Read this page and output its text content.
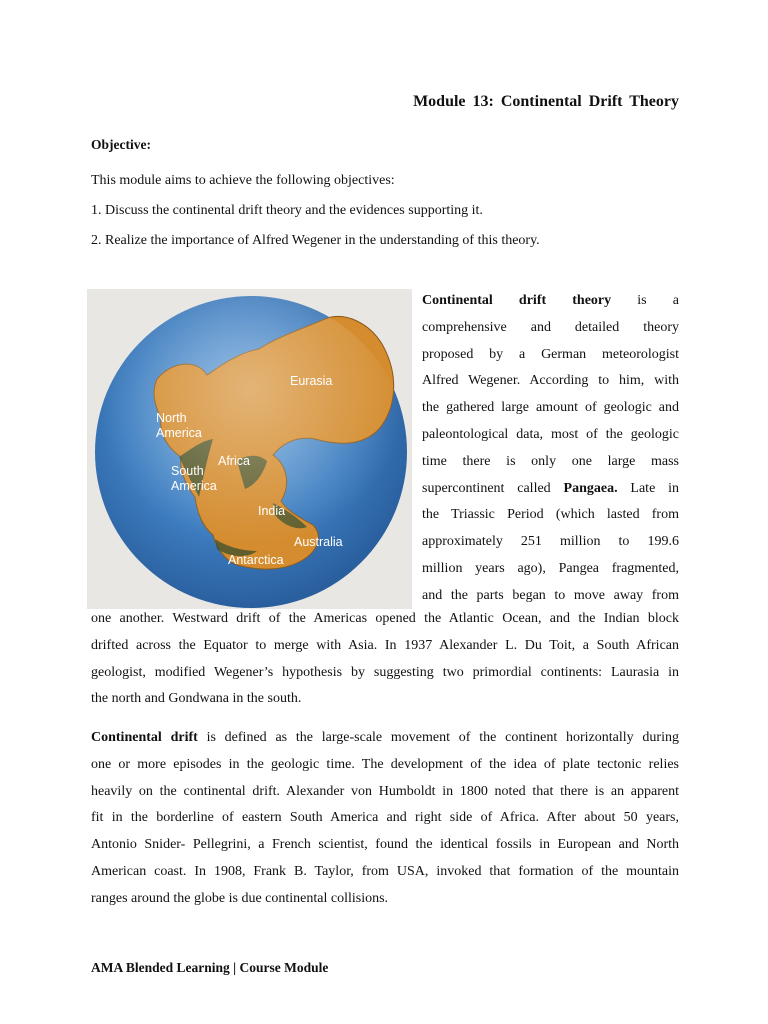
Module 13: Continental Drift Theory
Objective:
This module aims to achieve the following objectives:
1. Discuss the continental drift theory and the evidences supporting it.
2. Realize the importance of Alfred Wegener in the understanding of this theory.
Eurasia
North
America
Africa
South
America
India
Australia
Antarctica
Continental drift theory is a
comprehensive and detailed theory
proposed by a German meteorologist
Alfred Wegener. According to him, with
the gathered large amount of geologic and
paleontological data, most of the geologic
time there is only one large mass
supercontinent called Pangaea. Late in
the Triassic Period (which lasted from
approximately 251 million to 199.6
million years ago), Pangea fragmented,
and the parts began to move away from
one another. Westward drift of the Americas opened the Atlantic Ocean, and the Indian block
drifted across the Equator to merge with Asia. In 1937 Alexander L. Du Toit, a South African
geologist, modified Wegener’s hypothesis by suggesting two primordial continents: Laurasia in
the north and Gondwana in the south.
Continental drift is defined as the large-scale movement of the continent horizontally during
one or more episodes in the geologic time. The development of the idea of plate tectonic relies
heavily on the continental drift. Alexander von Humboldt in 1800 noted that there is an apparent
fit in the borderline of eastern South America and right side of Africa. After about 50 years,
Antonio Snider- Pellegrini, a French scientist, found the identical fossils in European and North
American coast. In 1908, Frank B. Taylor, from USA, invoked that formation of the mountain
ranges around the globe is due continental collisions.
AMA Blended Learning | Course Module
